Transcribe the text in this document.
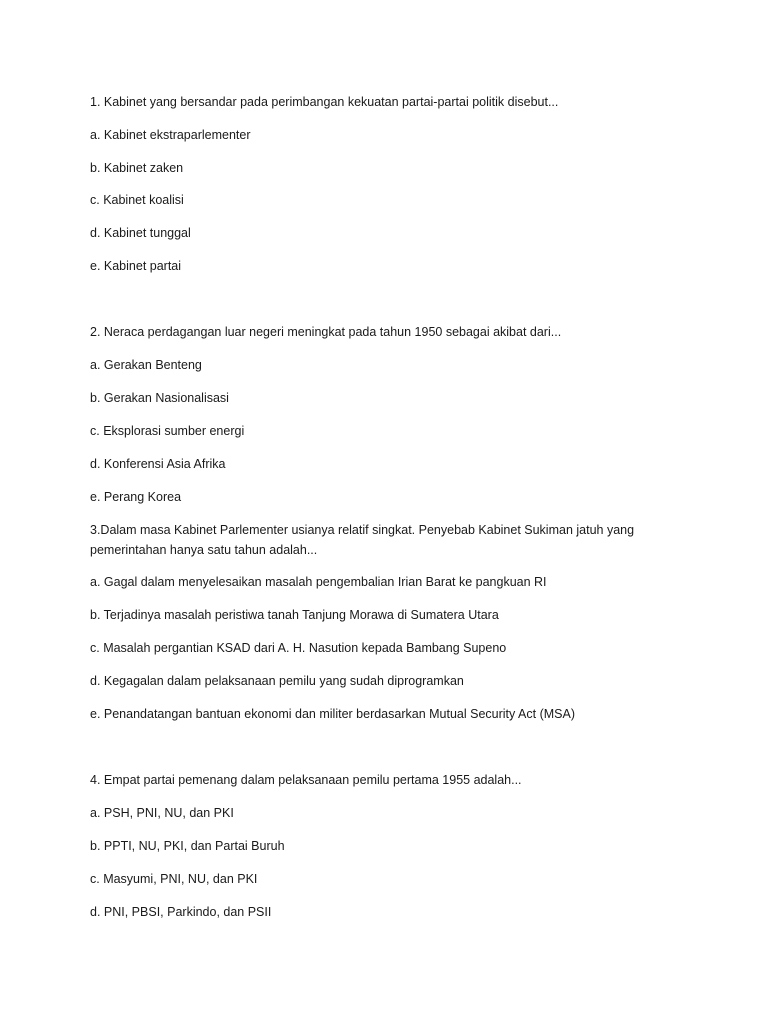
1. Kabinet yang bersandar pada perimbangan kekuatan partai-partai politik disebut...
a. Kabinet ekstraparlementer
b. Kabinet zaken
c. Kabinet koalisi
d. Kabinet tunggal
e. Kabinet partai
2. Neraca perdagangan luar negeri meningkat pada tahun 1950 sebagai akibat dari...
a. Gerakan Benteng
b. Gerakan Nasionalisasi
c. Eksplorasi sumber energi
d. Konferensi Asia Afrika
e. Perang Korea
3.Dalam masa Kabinet Parlementer usianya relatif singkat. Penyebab Kabinet Sukiman jatuh yang
pemerintahan hanya satu tahun adalah...
a. Gagal dalam menyelesaikan masalah pengembalian Irian Barat ke pangkuan RI
b. Terjadinya masalah peristiwa tanah Tanjung Morawa di Sumatera Utara
c. Masalah pergantian KSAD dari A. H. Nasution kepada Bambang Supeno
d. Kegagalan dalam pelaksanaan pemilu yang sudah diprogramkan
e. Penandatangan bantuan ekonomi dan militer berdasarkan Mutual Security Act (MSA)
4. Empat partai pemenang dalam pelaksanaan pemilu pertama 1955 adalah...
a. PSH, PNI, NU, dan PKI
b. PPTI, NU, PKI, dan Partai Buruh
c. Masyumi, PNI, NU, dan PKI
d. PNI, PBSI, Parkindo, dan PSII
